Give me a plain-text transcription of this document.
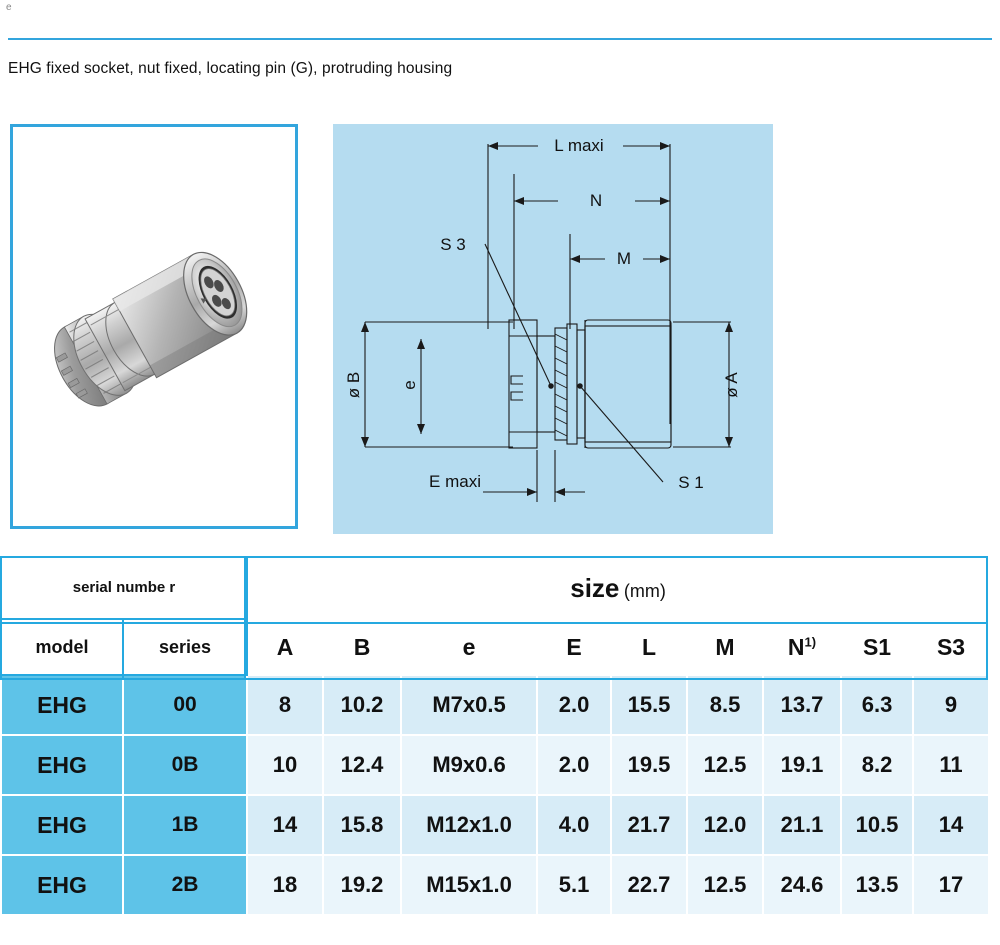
e
EHG fixed socket, nut fixed, locating pin (G), protruding housing
L maxi
N
M
S 3
S 1
E maxi
ø B e	ø A
serial numbe r		size (mm)								
model	series	A	B	e	E	L	M	$N^{1)}$	S1	S3
EHG	00	8	10.2	M7x0.5	2.0	15.5	8.5	13.7	6.3	9
EHG	0B	10	12.4	M9x0.6	2.0	19.5	12.5	19.1	8.2	11
EHG	1B	14	15.8	M12x1.0	4.0	21.7	12.0	21.1	10.5	14
EHG	2B	18	19.2	M15x1.0	5.1	22.7	12.5	24.6	13.5	17
